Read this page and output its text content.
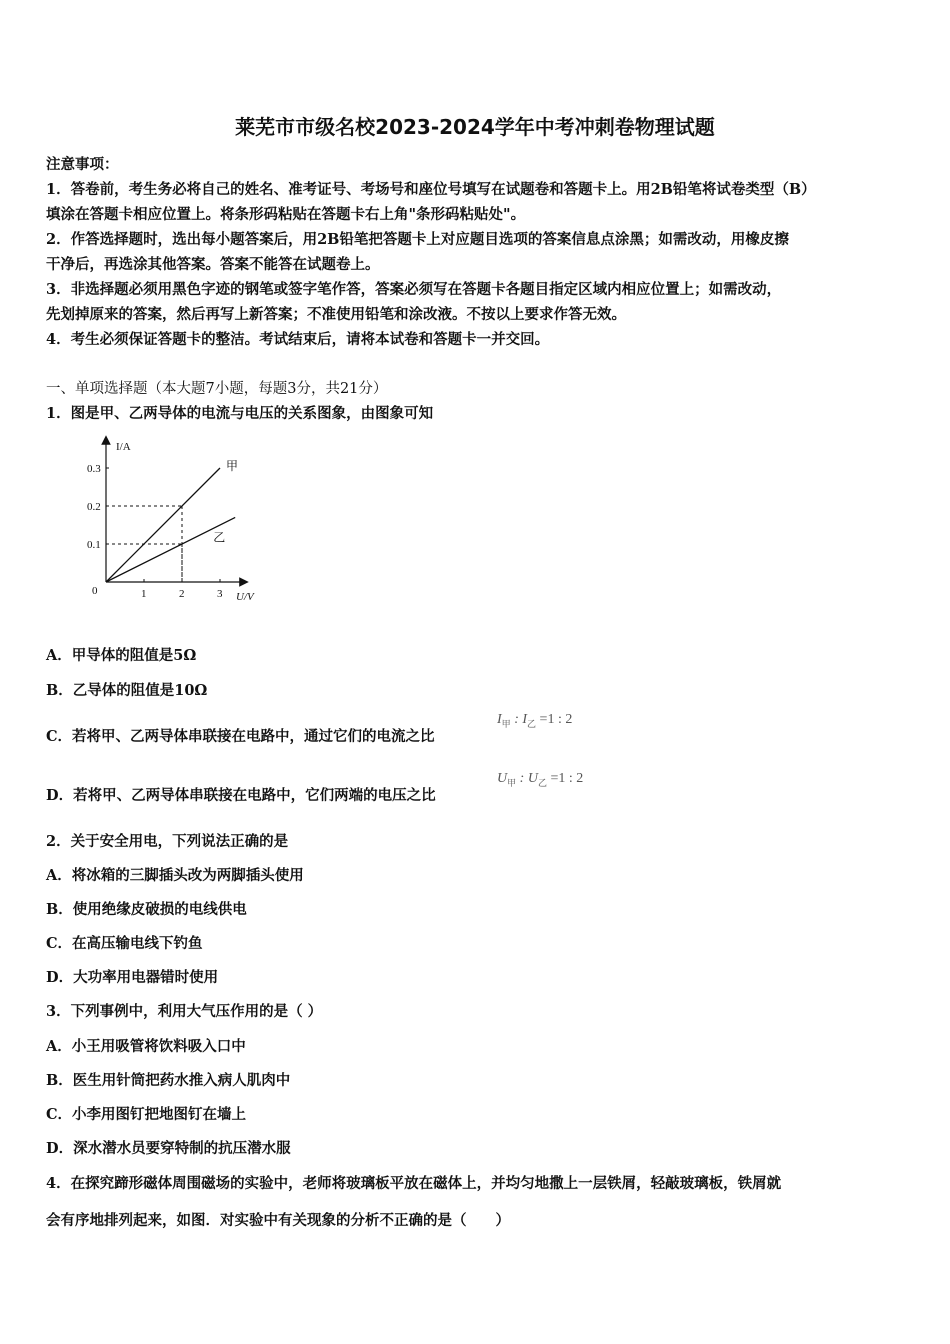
莱芜市市级名校2023-2024学年中考冲刺卷物理试题
注意事项：
1．答卷前，考生务必将自己的姓名、准考证号、考场号和座位号填写在试题卷和答题卡上。用2B铅笔将试卷类型（B）
填涂在答题卡相应位置上。将条形码粘贴在答题卡右上角"条形码粘贴处"。
2．作答选择题时，选出每小题答案后，用2B铅笔把答题卡上对应题目选项的答案信息点涂黑；如需改动，用橡皮擦
干净后，再选涂其他答案。答案不能答在试题卷上。
3．非选择题必须用黑色字迹的钢笔或签字笔作答，答案必须写在答题卡各题目指定区域内相应位置上；如需改动，
先划掉原来的答案，然后再写上新答案；不准使用铅笔和涂改液。不按以上要求作答无效。
4．考生必须保证答题卡的整洁。考试结束后，请将本试卷和答题卡一并交回。
一、单项选择题（本大题7小题，每题3分，共21分）
1．图是甲、乙两导体的电流与电压的关系图象，由图象可知
1	2	3
0.1
0.2
0.3	甲
乙
I/A
U/V
0
A．甲导体的阻值是5Ω
B．乙导体的阻值是10Ω
C．若将甲、乙两导体串联接在电路中，通过它们的电流之比
$I_甲$ : $I_乙 =1$ : 2
D．若将甲、乙两导体串联接在电路中，它们两端的电压之比
$U_甲$ : $U_乙 =1$ : 2
2．关于安全用电，下列说法正确的是
A．将冰箱的三脚插头改为两脚插头使用
B．使用绝缘皮破损的电线供电
C．在高压输电线下钓鱼
D．大功率用电器错时使用
3．下列事例中，利用大气压作用的是（ ）
A．小王用吸管将饮料吸入口中
B．医生用针筒把药水推入病人肌肉中
C．小李用图钉把地图钉在墙上
D．深水潜水员要穿特制的抗压潜水服
4．在探究蹄形磁体周围磁场的实验中，老师将玻璃板平放在磁体上，并均匀地撒上一层铁屑，轻敲玻璃板，铁屑就
会有序地排列起来，如图．对实验中有关现象的分析不正确的是（　　）
